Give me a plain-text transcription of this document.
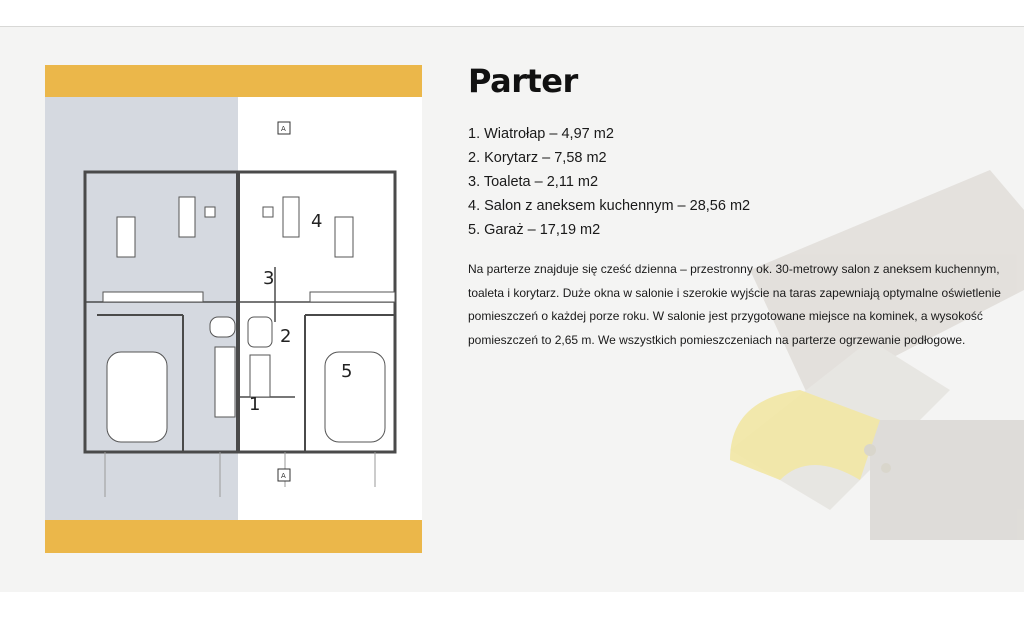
4
3
2
5
1
A
A
Parter
1. Wiatrołap – 4,97 m2
2. Korytarz – 7,58 m2
3. Toaleta – 2,11 m2
4. Salon z aneksem kuchennym – 28,56 m2
5. Garaż – 17,19 m2

Na parterze znajduje się cześć dzienna – przestronny ok. 30-metrowy salon z aneksem kuchennym, toaleta i korytarz. Duże okna w salonie i szerokie wyjście na taras zapewniają optymalne oświetlenie pomieszczeń o każdej porze roku. W salonie jest przygotowane miejsce na kominek, a wysokość pomieszczeń to 2,65 m. We wszystkich pomieszczeniach na parterze ogrzewanie podłogowe.
